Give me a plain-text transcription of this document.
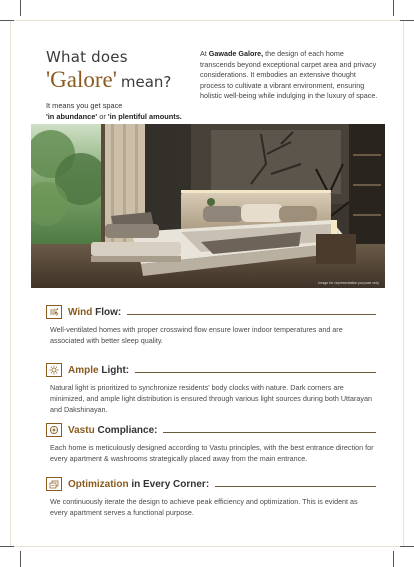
What does
'Galore' mean?
It means you get space
'in abundance' or 'in plentiful amounts.
At Gawade Galore, the design of each home transcends beyond exceptional carpet area and privacy considerations. It embodies an extensive thought process to cultivate a vibrant environment, ensuring holistic well-being while indulging in the luxury of space.
Image for representation purpose only
Wind Flow:
Well-ventilated homes with proper crosswind flow ensure lower indoor temperatures and are associated with better sleep quality.
Ample Light:
Natural light is prioritized to synchronize residents' body clocks with nature. Dark corners are minimized, and ample light distribution is ensured through various light sources during both Uttarayan and Dakshinayan.
Vastu Compliance:
Each home is meticulously designed according to Vastu principles, with the best entrance direction for every apartment & washrooms strategically placed away from the main entrance.
Optimization in Every Corner:
We continuously iterate the design to achieve peak efficiency and optimization. This is evident as every apartment serves a functional purpose.
